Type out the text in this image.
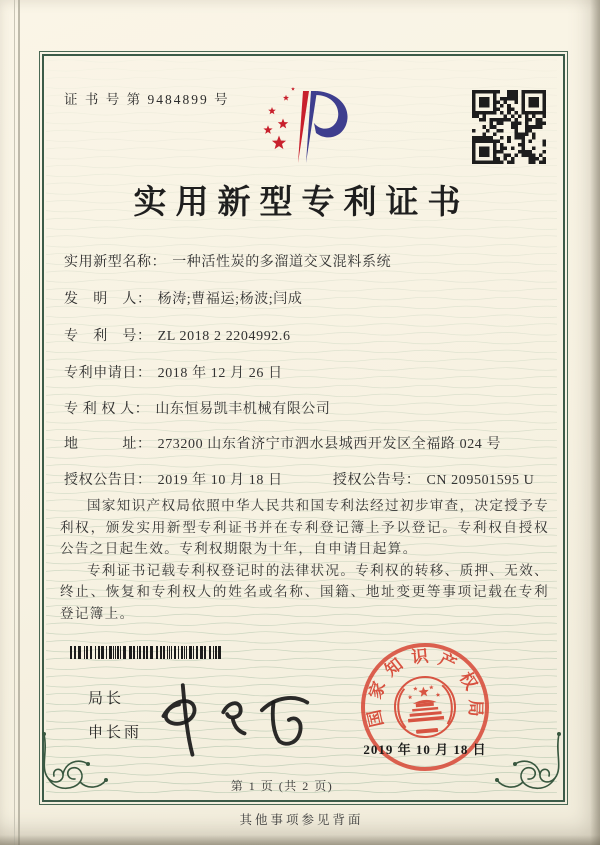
证 书 号 第 9484899 号
实用新型专利证书
实用新型名称： 一种活性炭的多溜道交叉混料系统
发　明　人： 杨涛;曹福运;杨波;闫成
专　利　号： ZL 2018 2 2204992.6
专利申请日： 2018 年 12 月 26 日
专 利 权 人： 山东恒易凯丰机械有限公司
地　　　址： 273200 山东省济宁市泗水县城西开发区全福路 024 号
授权公告日： 2019 年 10 月 18 日	授权公告号： CN 209501595 U

国家知识产权局依照中华人民共和国专利法经过初步审查，决定授予专利权，颁发实用新型专利证书并在专利登记簿上予以登记。专利权自授权公告之日起生效。专利权期限为十年，自申请日起算。

专利证书记载专利权登记时的法律状况。专利权的转移、质押、无效、终止、恢复和专利权人的姓名或名称、国籍、地址变更等事项记载在专利登记簿上。

局长
申长雨
国家知识产权局
2019 年 10 月 18 日
第 1 页 (共 2 页)
其他事项参见背面
